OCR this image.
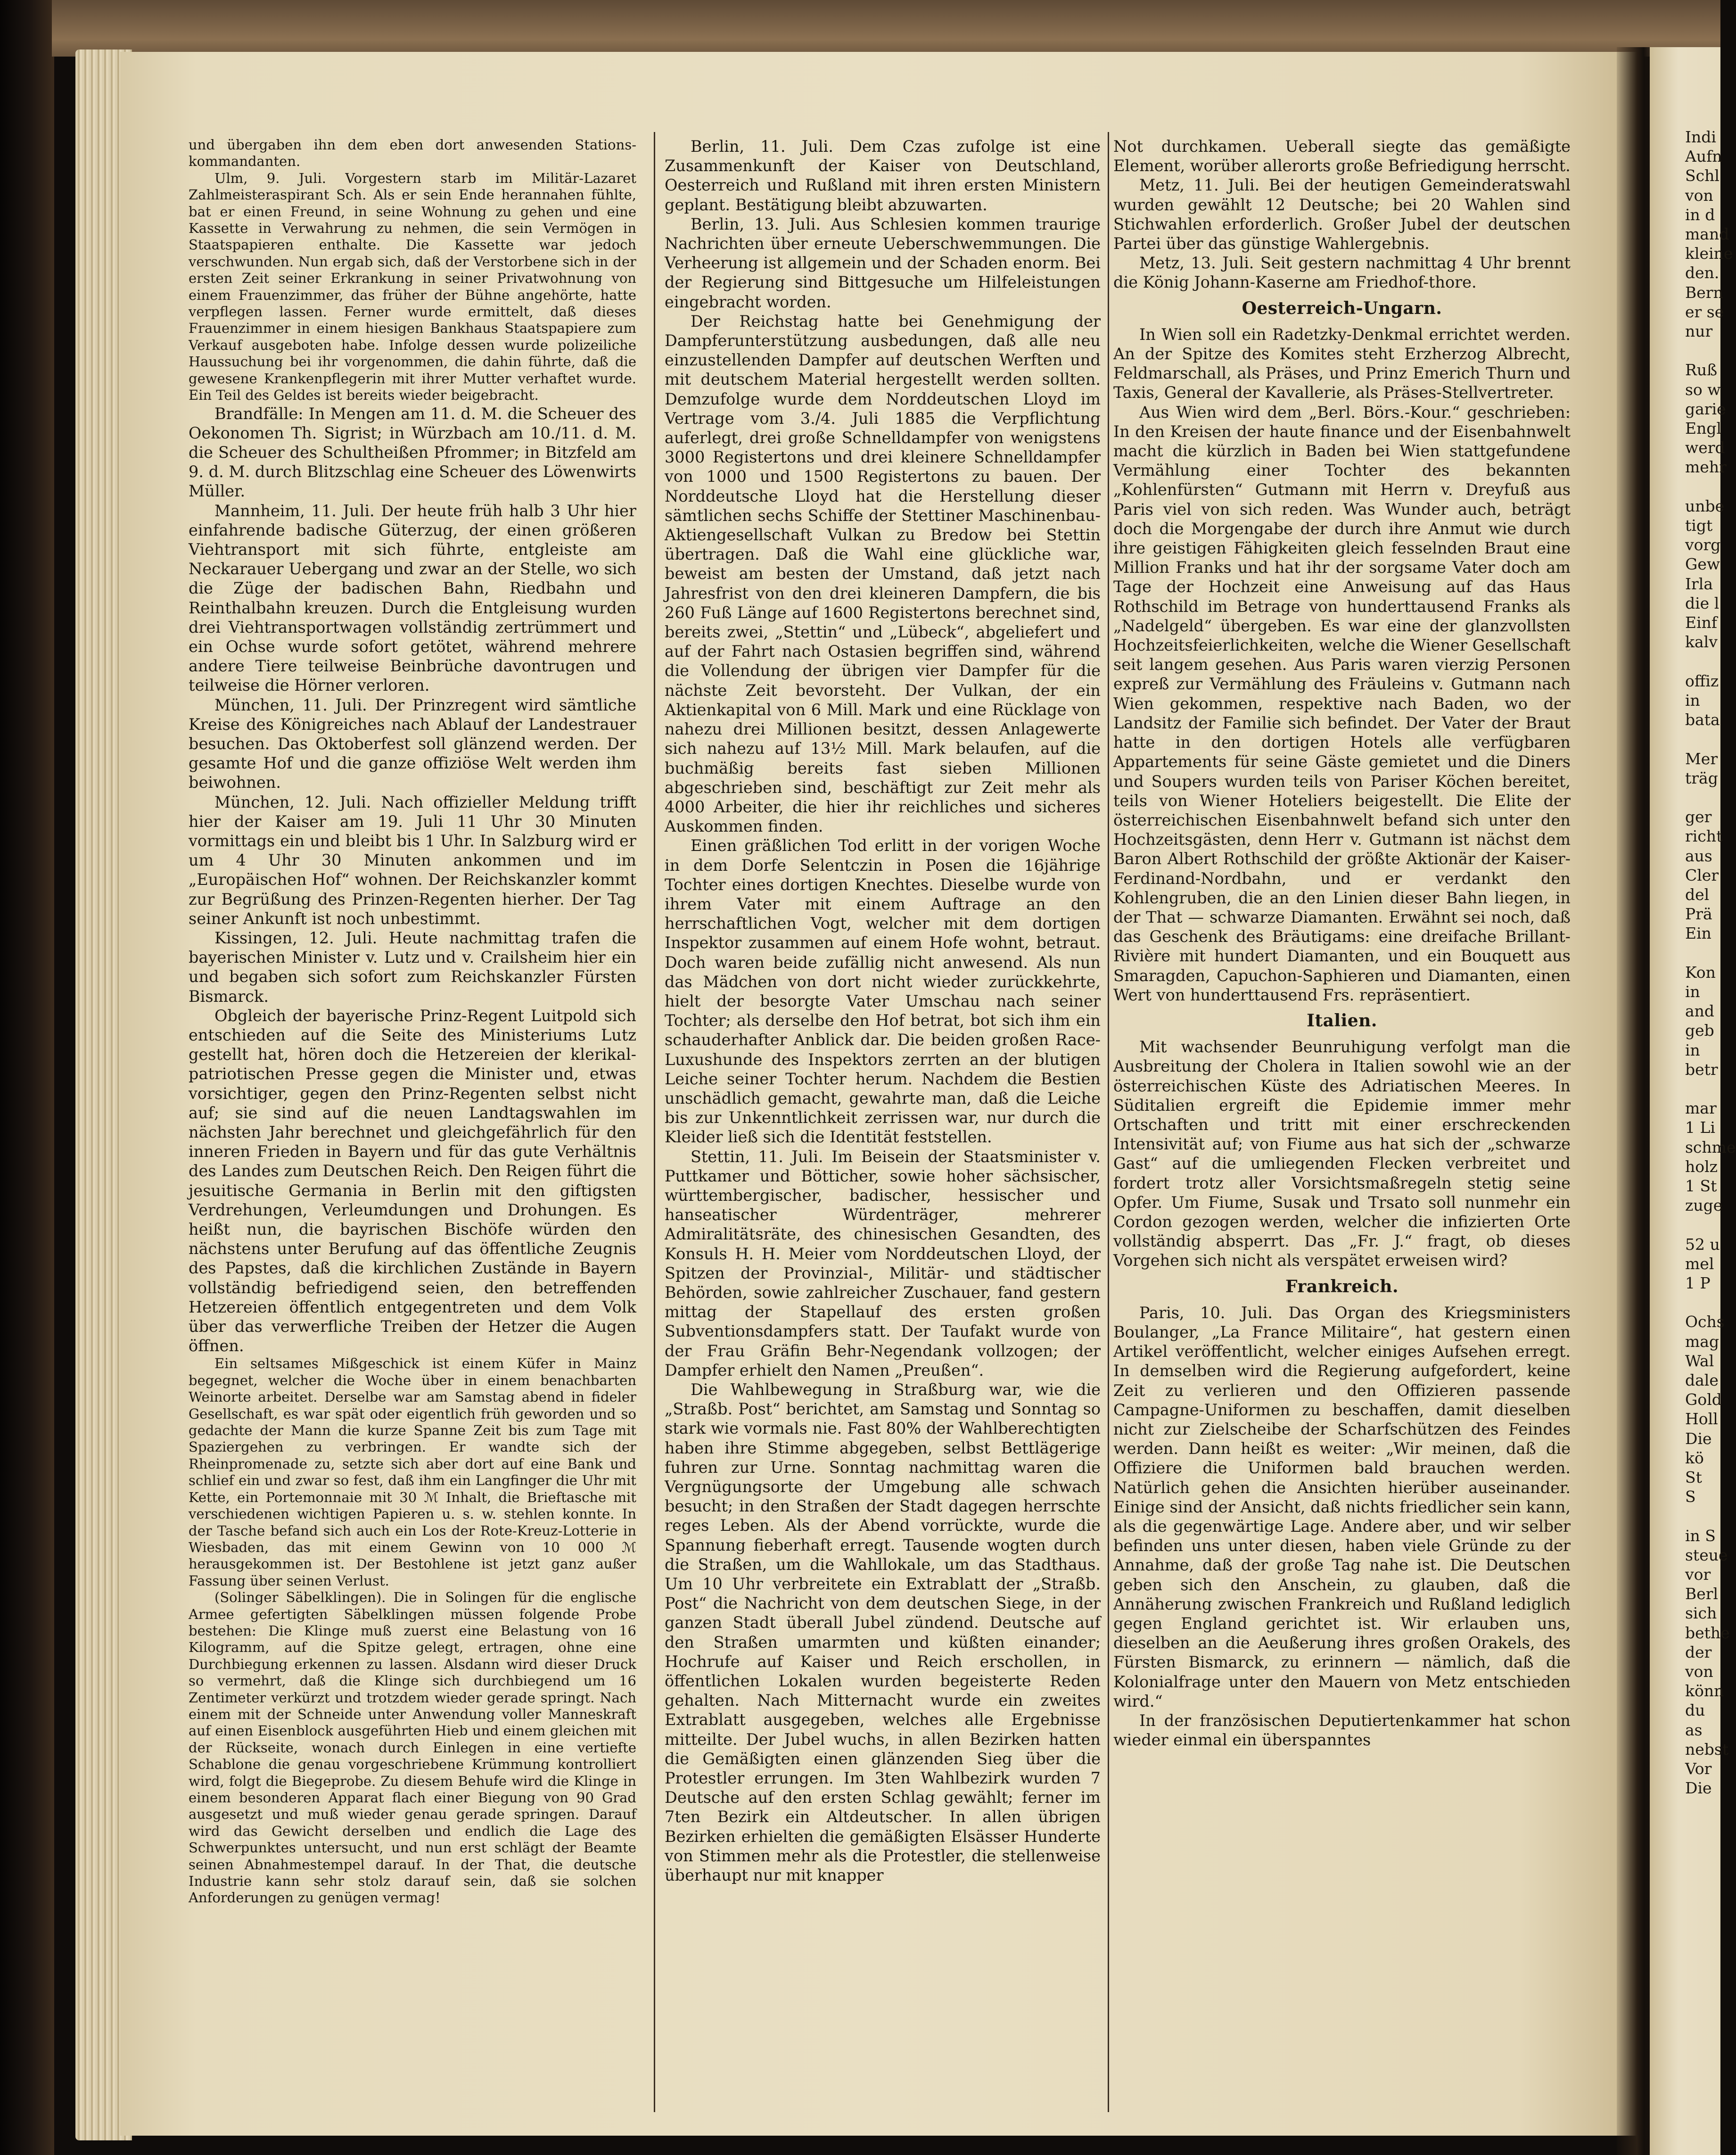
und übergaben ihn dem eben dort anwesenden Stations-kommandanten.

Ulm, 9. Juli. Vorgestern starb im Militär-Lazaret Zahlmeisteraspirant Sch. Als er sein Ende herannahen fühlte, bat er einen Freund, in seine Wohnung zu gehen und eine Kassette in Verwahrung zu nehmen, die sein Vermögen in Staatspapieren enthalte. Die Kassette war jedoch verschwunden. Nun ergab sich, daß der Verstorbene sich in der ersten Zeit seiner Erkrankung in seiner Privatwohnung von einem Frauenzimmer, das früher der Bühne angehörte, hatte verpflegen lassen. Ferner wurde ermittelt, daß dieses Frauenzimmer in einem hiesigen Bankhaus Staatspapiere zum Verkauf ausgeboten habe. Infolge dessen wurde polizeiliche Haussuchung bei ihr vorgenommen, die dahin führte, daß die gewesene Krankenpflegerin mit ihrer Mutter verhaftet wurde. Ein Teil des Geldes ist bereits wieder beigebracht.

Brandfälle: In Mengen am 11. d. M. die Scheuer des Oekonomen Th. Sigrist; in Würzbach am 10./11. d. M. die Scheuer des Schultheißen Pfrommer; in Bitzfeld am 9. d. M. durch Blitzschlag eine Scheuer des Löwenwirts Müller.

Mannheim, 11. Juli. Der heute früh halb 3 Uhr hier einfahrende badische Güterzug, der einen größeren Viehtransport mit sich führte, entgleiste am Neckarauer Uebergang und zwar an der Stelle, wo sich die Züge der badischen Bahn, Riedbahn und Reinthalbahn kreuzen. Durch die Entgleisung wurden drei Viehtransportwagen vollständig zertrümmert und ein Ochse wurde sofort getötet, während mehrere andere Tiere teilweise Beinbrüche davontrugen und teilweise die Hörner verloren.

München, 11. Juli. Der Prinzregent wird sämtliche Kreise des Königreiches nach Ablauf der Landestrauer besuchen. Das Oktoberfest soll glänzend werden. Der gesamte Hof und die ganze offiziöse Welt werden ihm beiwohnen.

München, 12. Juli. Nach offizieller Meldung trifft hier der Kaiser am 19. Juli 11 Uhr 30 Minuten vormittags ein und bleibt bis 1 Uhr. In Salzburg wird er um 4 Uhr 30 Minuten ankommen und im „Europäischen Hof“ wohnen. Der Reichskanzler kommt zur Begrüßung des Prinzen-Regenten hierher. Der Tag seiner Ankunft ist noch unbestimmt.

Kissingen, 12. Juli. Heute nachmittag trafen die bayerischen Minister v. Lutz und v. Crailsheim hier ein und begaben sich sofort zum Reichskanzler Fürsten Bismarck.

Obgleich der bayerische Prinz-Regent Luitpold sich entschieden auf die Seite des Ministeriums Lutz gestellt hat, hören doch die Hetzereien der klerikal-patriotischen Presse gegen die Minister und, etwas vorsichtiger, gegen den Prinz-Regenten selbst nicht auf; sie sind auf die neuen Landtagswahlen im nächsten Jahr berechnet und gleichgefährlich für den inneren Frieden in Bayern und für das gute Verhältnis des Landes zum Deutschen Reich. Den Reigen führt die jesuitische Germania in Berlin mit den giftigsten Verdrehungen, Verleumdungen und Drohungen. Es heißt nun, die bayrischen Bischöfe würden den nächstens unter Berufung auf das öffentliche Zeugnis des Papstes, daß die kirchlichen Zustände in Bayern vollständig befriedigend seien, den betreffenden Hetzereien öffentlich entgegentreten und dem Volk über das verwerfliche Treiben der Hetzer die Augen öffnen.

Ein seltsames Mißgeschick ist einem Küfer in Mainz begegnet, welcher die Woche über in einem benachbarten Weinorte arbeitet. Derselbe war am Samstag abend in fideler Gesellschaft, es war spät oder eigentlich früh geworden und so gedachte der Mann die kurze Spanne Zeit bis zum Tage mit Spaziergehen zu verbringen. Er wandte sich der Rheinpromenade zu, setzte sich aber dort auf eine Bank und schlief ein und zwar so fest, daß ihm ein Langfinger die Uhr mit Kette, ein Portemonnaie mit 30 ℳ Inhalt, die Brieftasche mit verschiedenen wichtigen Papieren u. s. w. stehlen konnte. In der Tasche befand sich auch ein Los der Rote-Kreuz-Lotterie in Wiesbaden, das mit einem Gewinn von 10 000 ℳ herausgekommen ist. Der Bestohlene ist jetzt ganz außer Fassung über seinen Verlust.

(Solinger Säbelklingen). Die in Solingen für die englische Armee gefertigten Säbelklingen müssen folgende Probe bestehen: Die Klinge muß zuerst eine Belastung von 16 Kilogramm, auf die Spitze gelegt, ertragen, ohne eine Durchbiegung erkennen zu lassen. Alsdann wird dieser Druck so vermehrt, daß die Klinge sich durchbiegend um 16 Zentimeter verkürzt und trotzdem wieder gerade springt. Nach einem mit der Schneide unter Anwendung voller Manneskraft auf einen Eisenblock ausgeführten Hieb und einem gleichen mit der Rückseite, wonach durch Einlegen in eine vertiefte Schablone die genau vorgeschriebene Krümmung kontrolliert wird, folgt die Biegeprobe. Zu diesem Behufe wird die Klinge in einem besonderen Apparat flach einer Biegung von 90 Grad ausgesetzt und muß wieder genau gerade springen. Darauf wird das Gewicht derselben und endlich die Lage des Schwerpunktes untersucht, und nun erst schlägt der Beamte seinen Abnahmestempel darauf. In der That, die deutsche Industrie kann sehr stolz darauf sein, daß sie solchen Anforderungen zu genügen vermag!

Berlin, 11. Juli. Dem Czas zufolge ist eine Zusammenkunft der Kaiser von Deutschland, Oesterreich und Rußland mit ihren ersten Ministern geplant. Bestätigung bleibt abzuwarten.

Berlin, 13. Juli. Aus Schlesien kommen traurige Nachrichten über erneute Ueberschwemmungen. Die Verheerung ist allgemein und der Schaden enorm. Bei der Regierung sind Bittgesuche um Hilfeleistungen eingebracht worden.

Der Reichstag hatte bei Genehmigung der Dampferunterstützung ausbedungen, daß alle neu einzustellenden Dampfer auf deutschen Werften und mit deutschem Material hergestellt werden sollten. Demzufolge wurde dem Norddeutschen Lloyd im Vertrage vom 3./4. Juli 1885 die Verpflichtung auferlegt, drei große Schnelldampfer von wenigstens 3000 Registertons und drei kleinere Schnelldampfer von 1000 und 1500 Registertons zu bauen. Der Norddeutsche Lloyd hat die Herstellung dieser sämtlichen sechs Schiffe der Stettiner Maschinenbau-Aktiengesellschaft Vulkan zu Bredow bei Stettin übertragen. Daß die Wahl eine glückliche war, beweist am besten der Umstand, daß jetzt nach Jahresfrist von den drei kleineren Dampfern, die bis 260 Fuß Länge auf 1600 Registertons berechnet sind, bereits zwei, „Stettin“ und „Lübeck“, abgeliefert und auf der Fahrt nach Ostasien begriffen sind, während die Vollendung der übrigen vier Dampfer für die nächste Zeit bevorsteht. Der Vulkan, der ein Aktienkapital von 6 Mill. Mark und eine Rücklage von nahezu drei Millionen besitzt, dessen Anlagewerte sich nahezu auf 13½ Mill. Mark belaufen, auf die buchmäßig bereits fast sieben Millionen abgeschrieben sind, beschäftigt zur Zeit mehr als 4000 Arbeiter, die hier ihr reichliches und sicheres Auskommen finden.

Einen gräßlichen Tod erlitt in der vorigen Woche in dem Dorfe Selentczin in Posen die 16jährige Tochter eines dortigen Knechtes. Dieselbe wurde von ihrem Vater mit einem Auftrage an den herrschaftlichen Vogt, welcher mit dem dortigen Inspektor zusammen auf einem Hofe wohnt, betraut. Doch waren beide zufällig nicht anwesend. Als nun das Mädchen von dort nicht wieder zurückkehrte, hielt der besorgte Vater Umschau nach seiner Tochter; als derselbe den Hof betrat, bot sich ihm ein schauderhafter Anblick dar. Die beiden großen Race-Luxushunde des Inspektors zerrten an der blutigen Leiche seiner Tochter herum. Nachdem die Bestien unschädlich gemacht, gewahrte man, daß die Leiche bis zur Unkenntlichkeit zerrissen war, nur durch die Kleider ließ sich die Identität feststellen.

Stettin, 11. Juli. Im Beisein der Staatsminister v. Puttkamer und Bötticher, sowie hoher sächsischer, württembergischer, badischer, hessischer und hanseatischer Würdenträger, mehrerer Admiralitätsräte, des chinesischen Gesandten, des Konsuls H. H. Meier vom Norddeutschen Lloyd, der Spitzen der Provinzial-, Militär- und städtischer Behörden, sowie zahlreicher Zuschauer, fand gestern mittag der Stapellauf des ersten großen Subventionsdampfers statt. Der Taufakt wurde von der Frau Gräfin Behr-Negendank vollzogen; der Dampfer erhielt den Namen „Preußen“.

Die Wahlbewegung in Straßburg war, wie die „Straßb. Post“ berichtet, am Samstag und Sonntag so stark wie vormals nie. Fast 80% der Wahlberechtigten haben ihre Stimme abgegeben, selbst Bettlägerige fuhren zur Urne. Sonntag nachmittag waren die Vergnügungsorte der Umgebung alle schwach besucht; in den Straßen der Stadt dagegen herrschte reges Leben. Als der Abend vorrückte, wurde die Spannung fieberhaft erregt. Tausende wogten durch die Straßen, um die Wahllokale, um das Stadthaus. Um 10 Uhr verbreitete ein Extrablatt der „Straßb. Post“ die Nachricht von dem deutschen Siege, in der ganzen Stadt überall Jubel zündend. Deutsche auf den Straßen umarmten und küßten einander; Hochrufe auf Kaiser und Reich erschollen, in öffentlichen Lokalen wurden begeisterte Reden gehalten. Nach Mitternacht wurde ein zweites Extrablatt ausgegeben, welches alle Ergebnisse mitteilte. Der Jubel wuchs, in allen Bezirken hatten die Gemäßigten einen glänzenden Sieg über die Protestler errungen. Im 3ten Wahlbezirk wurden 7 Deutsche auf den ersten Schlag gewählt; ferner im 7ten Bezirk ein Altdeutscher. In allen übrigen Bezirken erhielten die gemäßigten Elsässer Hunderte von Stimmen mehr als die Protestler, die stellenweise überhaupt nur mit knapper

Not durchkamen. Ueberall siegte das gemäßigte Element, worüber allerorts große Befriedigung herrscht.

Metz, 11. Juli. Bei der heutigen Gemeinderatswahl wurden gewählt 12 Deutsche; bei 20 Wahlen sind Stichwahlen erforderlich. Großer Jubel der deutschen Partei über das günstige Wahlergebnis.

Metz, 13. Juli. Seit gestern nachmittag 4 Uhr brennt die König Johann-Kaserne am Friedhof-thore.

Oesterreich-Ungarn.

In Wien soll ein Radetzky-Denkmal errichtet werden. An der Spitze des Komites steht Erzherzog Albrecht, Feldmarschall, als Präses, und Prinz Emerich Thurn und Taxis, General der Kavallerie, als Präses-Stellvertreter.

Aus Wien wird dem „Berl. Börs.-Kour.“ geschrieben: In den Kreisen der haute finance und der Eisenbahnwelt macht die kürzlich in Baden bei Wien stattgefundene Vermählung einer Tochter des bekannten „Kohlenfürsten“ Gutmann mit Herrn v. Dreyfuß aus Paris viel von sich reden. Was Wunder auch, beträgt doch die Morgengabe der durch ihre Anmut wie durch ihre geistigen Fähigkeiten gleich fesselnden Braut eine Million Franks und hat ihr der sorgsame Vater doch am Tage der Hochzeit eine Anweisung auf das Haus Rothschild im Betrage von hunderttausend Franks als „Nadelgeld“ übergeben. Es war eine der glanzvollsten Hochzeitsfeierlichkeiten, welche die Wiener Gesellschaft seit langem gesehen. Aus Paris waren vierzig Personen expreß zur Vermählung des Fräuleins v. Gutmann nach Wien gekommen, respektive nach Baden, wo der Landsitz der Familie sich befindet. Der Vater der Braut hatte in den dortigen Hotels alle verfügbaren Appartements für seine Gäste gemietet und die Diners und Soupers wurden teils von Pariser Köchen bereitet, teils von Wiener Hoteliers beigestellt. Die Elite der österreichischen Eisenbahnwelt befand sich unter den Hochzeitsgästen, denn Herr v. Gutmann ist nächst dem Baron Albert Rothschild der größte Aktionär der Kaiser-Ferdinand-Nordbahn, und er verdankt den Kohlengruben, die an den Linien dieser Bahn liegen, in der That — schwarze Diamanten. Erwähnt sei noch, daß das Geschenk des Bräutigams: eine dreifache Brillant-Rivière mit hundert Diamanten, und ein Bouquett aus Smaragden, Capuchon-Saphieren und Diamanten, einen Wert von hunderttausend Frs. repräsentiert.

Italien.

Mit wachsender Beunruhigung verfolgt man die Ausbreitung der Cholera in Italien sowohl wie an der österreichischen Küste des Adriatischen Meeres. In Süditalien ergreift die Epidemie immer mehr Ortschaften und tritt mit einer erschreckenden Intensivität auf; von Fiume aus hat sich der „schwarze Gast“ auf die umliegenden Flecken verbreitet und fordert trotz aller Vorsichtsmaßregeln stetig seine Opfer. Um Fiume, Susak und Trsato soll nunmehr ein Cordon gezogen werden, welcher die infizierten Orte vollständig absperrt. Das „Fr. J.“ fragt, ob dieses Vorgehen sich nicht als verspätet erweisen wird?

Frankreich.

Paris, 10. Juli. Das Organ des Kriegsministers Boulanger, „La France Militaire“, hat gestern einen Artikel veröffentlicht, welcher einiges Aufsehen erregt. In demselben wird die Regierung aufgefordert, keine Zeit zu verlieren und den Offizieren passende Campagne-Uniformen zu beschaffen, damit dieselben nicht zur Zielscheibe der Scharfschützen des Feindes werden. Dann heißt es weiter: „Wir meinen, daß die Offiziere die Uniformen bald brauchen werden. Natürlich gehen die Ansichten hierüber auseinander. Einige sind der Ansicht, daß nichts friedlicher sein kann, als die gegenwärtige Lage. Andere aber, und wir selber befinden uns unter diesen, haben viele Gründe zu der Annahme, daß der große Tag nahe ist. Die Deutschen geben sich den Anschein, zu glauben, daß die Annäherung zwischen Frankreich und Rußland lediglich gegen England gerichtet ist. Wir erlauben uns, dieselben an die Aeußerung ihres großen Orakels, des Fürsten Bismarck, zu erinnern — nämlich, daß die Kolonialfrage unter den Mauern von Metz entschieden wird.“

In der französischen Deputiertenkammer hat schon wieder einmal ein überspanntes

Indi
Aufn
Schl
von
in d
mand
kleine
den.
Bern
er se
nur

Ruß
so w
garie
Engl
werd
mehr

unbe
tigt
vorg
Gew
Irla
die l
Einf
kalv

offiz
in
bata

Mer
träg

ger
richt
aus
Cler
del
Prä
Ein

Kon
in
and
geb
in
betr

mar
1 Li
schme
holz
1 St
zuge

52 u
mel
1 P

Ochs
mag
Wal
dale
Gold
Holl
Die
kö
St
S

in S
steue
vor
Berl
sich
bethe
der
von
könn
du
as
nebst
Vor
Die
